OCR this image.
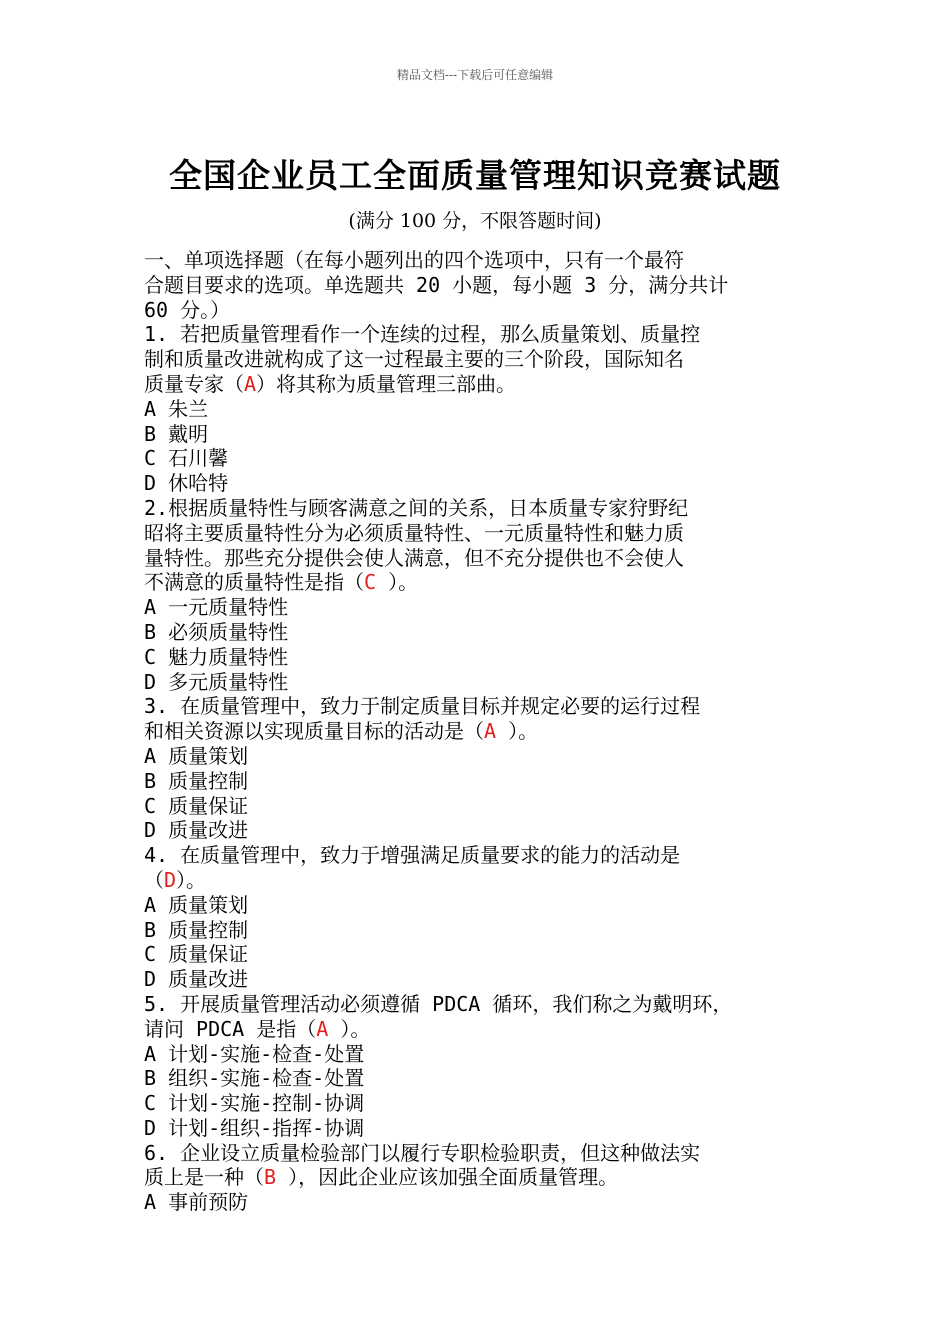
精品文档---下载后可任意编辑
全国企业员工全面质量管理知识竞赛试题
(满分 100 分，不限答题时间)
一、单项选择题（在每小题列出的四个选项中，只有一个最符
合题目要求的选项。单选题共 20 小题，每小题 3 分，满分共计
60 分。）
1. 若把质量管理看作一个连续的过程，那么质量策划、质量控
制和质量改进就构成了这一过程最主要的三个阶段，国际知名
质量专家（A）将其称为质量管理三部曲。
A 朱兰
B 戴明
C 石川馨
D 休哈特
2.根据质量特性与顾客满意之间的关系，日本质量专家狩野纪
昭将主要质量特性分为必须质量特性、一元质量特性和魅力质
量特性。那些充分提供会使人满意，但不充分提供也不会使人
不满意的质量特性是指（C ）。
A 一元质量特性
B 必须质量特性
C 魅力质量特性
D 多元质量特性
3. 在质量管理中，致力于制定质量目标并规定必要的运行过程
和相关资源以实现质量目标的活动是（A ）。
A 质量策划
B 质量控制
C 质量保证
D 质量改进
4. 在质量管理中，致力于增强满足质量要求的能力的活动是
（D）。
A 质量策划
B 质量控制
C 质量保证
D 质量改进
5. 开展质量管理活动必须遵循 PDCA 循环，我们称之为戴明环，
请问 PDCA 是指（A ）。
A 计划-实施-检查-处置
B 组织-实施-检查-处置
C 计划-实施-控制-协调
D 计划-组织-指挥-协调
6. 企业设立质量检验部门以履行专职检验职责，但这种做法实
质上是一种（B ），因此企业应该加强全面质量管理。
A 事前预防
